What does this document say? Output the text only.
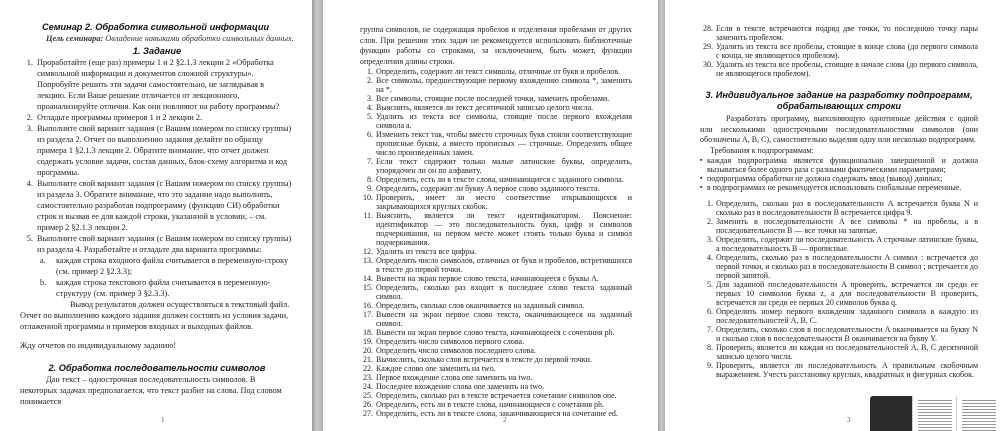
Семинар 2. Обработка символьной информации
Цель семинара: Овладение навыками обработки символьных данных.
1. Задание
1. Проработайте (еще раз) примеры 1 и 2 §2.1.3 лекции 2 «Обработка символьной информации и документов сложной структуры». Попробуйте решить эти задачи самостоятельно, не заглядывая в лекцию. Если Ваше решение отличается от лекционного, проанализируйте отличия. Как они повлияют на работу программы?
2. Отладьте программы примеров 1 и 2 лекции 2.
3. Выполните свой вариант задания (с Вашим номером по списку группы) из раздела 2. Отчет по выполнению задания делайте по образцу примера 1 §2.1.3 лекции 2. Обратите внимание, что отчет должен содержать условие задачи, состав данных, блок-схему алгоритма и код программы.
4. Выполните свой вариант задания (с Вашим номером по списку группы) из раздела 3. Обратите внимание, что это задание надо выполнять, самостоятельно разработав подпрограмму (функцию СИ) обработки строк и вызвав ее для каждой строки, указанной в условии, – см. пример 2 §2.1.3 лекции 2.
5. Выполните свой вариант задания (с Вашим номером по списку группы) из раздела 4. Разработайте и отладьте два варианта программы:
a. каждая строка входного файла считывается в переменную-строку (см. пример 2 §2.3.3);
b. каждая строка текстового файла считывается в переменную-структуру (см. пример 3 §2.3.3).
Вывод результатов должен осуществляться в текстовый файл.
Отчет по выполнению каждого задания должен состоять из условия задачи, отлаженной программы и примеров входных и выходных файлов.
Жду отчетов по индивидуальному заданию!
2. Обработка последовательности символов
Дан текст – однострочная последовательность символов. В некоторых задачах предполагается, что текст разбит на слова. Под словом понимается
1
группа символов, не содержащая пробелов и отделенная пробелами от других слов. При решении этих задач не рекомендуется использовать библиотечные функции работы со строками, за исключением, быть может, функции определения длины строки.
1. Определить, содержит ли текст символы, отличные от букв и пробелов.
2. Все символы, предшествующие первому вхождению символа *, заменить на *.
3. Все символы, стоящие после последней точки, заменить пробелами.
4. Выяснить, является ли текст десятичной записью целого числа.
5. Удалить из текста все символы, стоящие после первого вхождения символа a.
6. Изменить текст так, чтобы вместо строчных букв стояли соответствующие прописные буквы, а вместо прописных — строчные. Определить общее число произведенных замен.
7. Если текст содержит только малые латинские буквы, определить, упорядочен ли он по алфавиту.
8. Определить, есть ли в тексте слова, начинающиеся с заданного символа.
9. Определить, содержит ли букву A первое слово заданного текста.
10. Проверить, имеет ли место соответствие открывающихся и закрывающихся круглых скобок.
11. Выяснить, является ли текст идентификатором. Пояснение: идентификатор — это последовательность букв, цифр и символов подчеркивания, на первом месте может стоять только буква и символ подчеркивания.
12. Удалить из текста все цифры.
13. Определить число символов, отличных от букв и пробелов, встретившихся в тексте до первой точки.
14. Вывести на экран первое слово текста, начинающееся с буквы А.
15. Определить, сколько раз входит в последнее слово текста заданный символ.
16. Определить, сколько слов оканчивается на заданный символ.
17. Вывести на экран первое слово текста, оканчивающееся на заданный символ.
18. Вывести на экран первое слово текста, начинающееся с сочетания ph.
19. Определить число символов первого слова.
20. Определить число символов последнего слова.
21. Вычислить, сколько слов встречается в тексте до первой точки.
22. Каждое слово one заменить на two.
23. Первое вхождение слова one заменить на two.
24. Последнее вхождение слова one заменить на two.
25. Определить, сколько раз в тексте встречается сочетание символов one.
26. Определить, есть ли в тексте слова, начинающиеся с сочетания ph.
27. Определить, есть ли в тексте слова, заканчивающиеся на сочетание ed.
2
28. Если в тексте встречаются подряд две точки, то последнюю точку пары заменить пробелом.
29. Удалить из текста все пробелы, стоящие в конце слова (до первого символа с конца, не являющегося пробелом).
30. Удалить из текста все пробелы, стоящие в начале слова (до первого символа, не являющегося пробелом).
3. Индивидуальное задание на разработку подпрограмм, обрабатывающих строки
Разработать программу, выполняющую однотипные действия с одной или несколькими однострочными последовательностями символов (они обозначены A, B, C), самостоятельно выделив одну или несколько подпрограмм.
Требования к подпрограммам:
▪ каждая подпрограмма является функционально завершенной и должна вызываться более одного раза с разными фактическими параметрами;
▪ подпрограмма обработки не должна содержать ввод (вывод) данных;
▪ в подпрограммах не рекомендуется использовать глобальные переменные.
1. Определить, сколько раз в последовательности A встречается буква N и сколько раз в последовательности B встречается цифра 9.
2. Заменить в последовательности A все символы * на пробелы, а в последовательности B — все точки на запятые.
3. Определить, содержит ли последовательность A строчные латинские буквы, а последовательность B — прописные.
4. Определить, сколько раз в последовательности A символ : встречается до первой точки, и сколько раз в последовательности B символ ; встречается до первой запятой.
5. Для заданной последовательности A проверить, встречается ли среди ее первых 10 символов буква z, а для последовательности B проверить, встречается ли среди ее первых 20 символов буква q.
6. Определить номер первого вхождения заданного символа в каждую из последовательностей A, B, C.
7. Определить, сколько слов в последовательности A оканчивается на букву N и сколько слов в последовательности B оканчивается на букву Y.
8. Проверить, является ли каждая из последовательностей A, B, C десятичной записью целого числа.
9. Проверить, является ли последовательность A правильным скобочным выражением. Учесть расстановку круглых, квадратных и фигурных скобок.
3
